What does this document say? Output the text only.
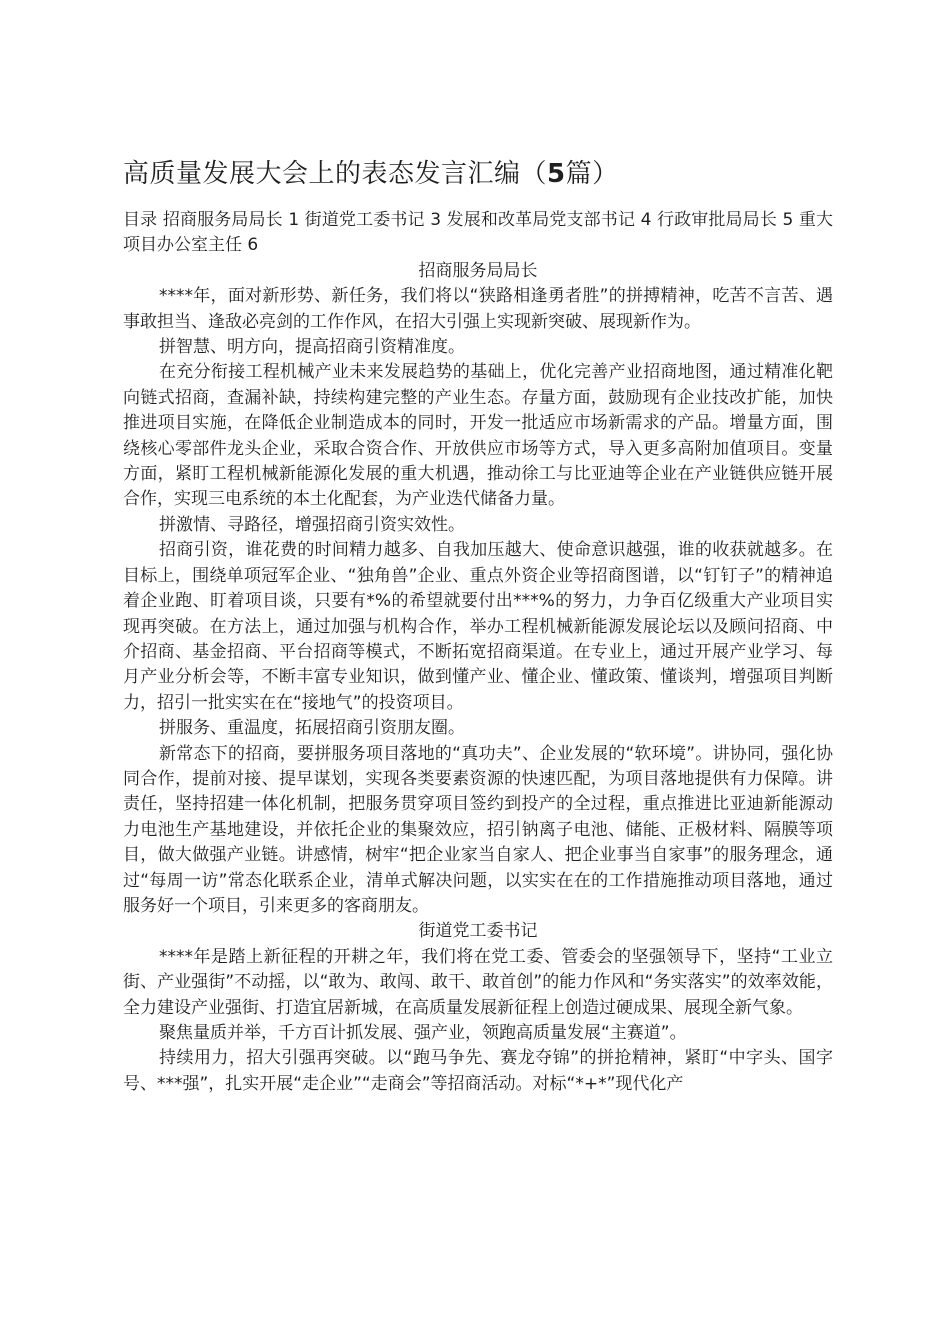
高质量发展大会上的表态发言汇编（5篇）

目录 招商服务局局长 1 街道党工委书记 3 发展和改革局党支部书记 4 行政审批局局长 5 重大项目办公室主任 6

招商服务局局长

****年，面对新形势、新任务，我们将以“狭路相逢勇者胜”的拼搏精神，吃苦不言苦、遇事敢担当、逢敌必亮剑的工作作风，在招大引强上实现新突破、展现新作为。

拼智慧、明方向，提高招商引资精准度。

在充分衔接工程机械产业未来发展趋势的基础上，优化完善产业招商地图，通过精准化靶向链式招商，查漏补缺，持续构建完整的产业生态。存量方面，鼓励现有企业技改扩能，加快推进项目实施，在降低企业制造成本的同时，开发一批适应市场新需求的产品。增量方面，围绕核心零部件龙头企业，采取合资合作、开放供应市场等方式，导入更多高附加值项目。变量方面，紧盯工程机械新能源化发展的重大机遇，推动徐工与比亚迪等企业在产业链供应链开展合作，实现三电系统的本土化配套，为产业迭代储备力量。

拼激情、寻路径，增强招商引资实效性。

招商引资，谁花费的时间精力越多、自我加压越大、使命意识越强，谁的收获就越多。在目标上，围绕单项冠军企业、“独角兽”企业、重点外资企业等招商图谱，以“钉钉子”的精神追着企业跑、盯着项目谈，只要有*%的希望就要付出***%的努力，力争百亿级重大产业项目实现再突破。在方法上，通过加强与机构合作，举办工程机械新能源发展论坛以及顾问招商、中介招商、基金招商、平台招商等模式，不断拓宽招商渠道。在专业上，通过开展产业学习、每月产业分析会等，不断丰富专业知识，做到懂产业、懂企业、懂政策、懂谈判，增强项目判断力，招引一批实实在在“接地气”的投资项目。

拼服务、重温度，拓展招商引资朋友圈。

新常态下的招商，要拼服务项目落地的“真功夫”、企业发展的“软环境”。讲协同，强化协同合作，提前对接、提早谋划，实现各类要素资源的快速匹配，为项目落地提供有力保障。讲责任，坚持招建一体化机制，把服务贯穿项目签约到投产的全过程，重点推进比亚迪新能源动力电池生产基地建设，并依托企业的集聚效应，招引钠离子电池、储能、正极材料、隔膜等项目，做大做强产业链。讲感情，树牢“把企业家当自家人、把企业事当自家事”的服务理念，通过“每周一访”常态化联系企业，清单式解决问题，以实实在在的工作措施推动项目落地，通过服务好一个项目，引来更多的客商朋友。

街道党工委书记

****年是踏上新征程的开耕之年，我们将在党工委、管委会的坚强领导下，坚持“工业立街、产业强街”不动摇，以“敢为、敢闯、敢干、敢首创”的能力作风和“务实落实”的效率效能，全力建设产业强街、打造宜居新城，在高质量发展新征程上创造过硬成果、展现全新气象。

聚焦量质并举，千方百计抓发展、强产业，领跑高质量发展“主赛道”。

持续用力，招大引强再突破。以“跑马争先、赛龙夺锦”的拼抢精神，紧盯“中字头、国字号、***强”，扎实开展“走企业”“走商会”等招商活动。对标“*+*”现代化产
